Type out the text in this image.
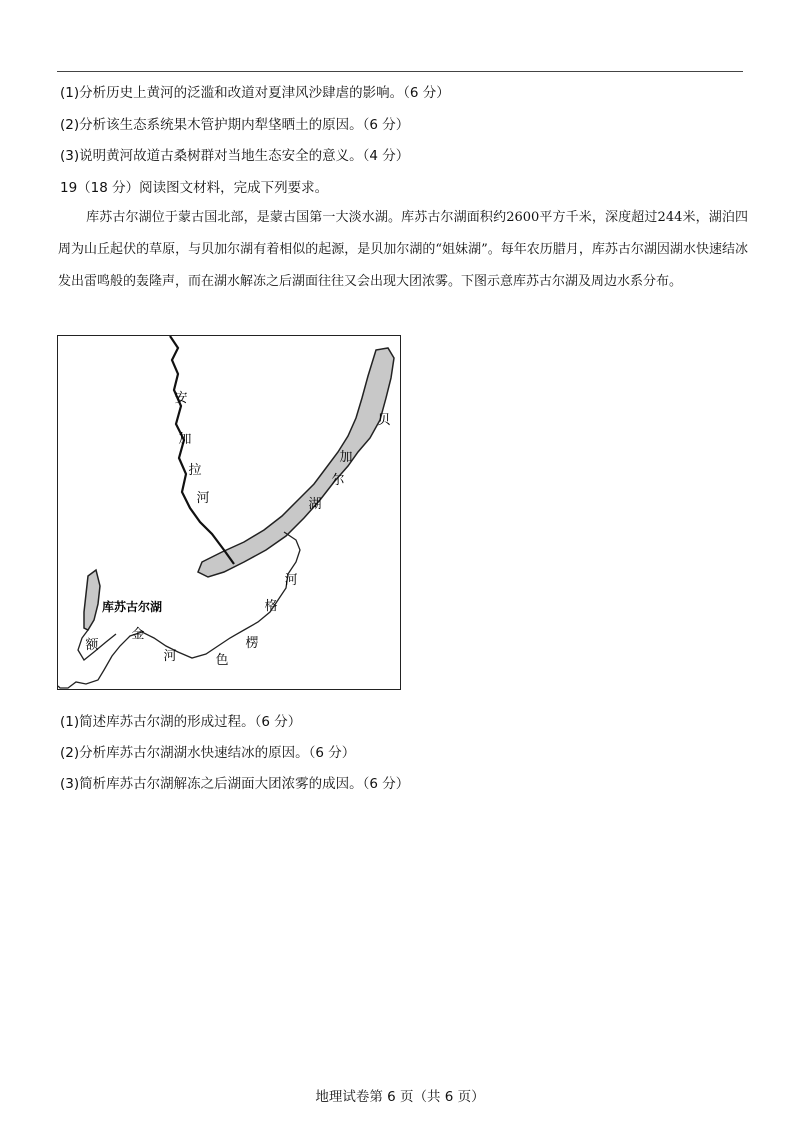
(1)分析历史上黄河的泛滥和改道对夏津风沙肆虐的影响。（6 分）
(2)分析该生态系统果木管护期内犁垡晒土的原因。（6 分）
(3)说明黄河故道古桑树群对当地生态安全的意义。（4 分）
19（18 分）阅读图文材料，完成下列要求。
库苏古尔湖位于蒙古国北部，是蒙古国第一大淡水湖。库苏古尔湖面积约2600平方千米，深度超过244米，湖泊四周为山丘起伏的草原，与贝加尔湖有着相似的起源，是贝加尔湖的“姐妹湖”。每年农历腊月，库苏古尔湖因湖水快速结冰发出雷鸣般的轰隆声，而在湖水解冻之后湖面往往又会出现大团浓雾。下图示意库苏古尔湖及周边水系分布。
安
加
拉
河
贝
加
尔
湖
河
格
楞
色
额
金
河
库苏古尔湖
(1)简述库苏古尔湖的形成过程。（6 分）
(2)分析库苏古尔湖湖水快速结冰的原因。（6 分）
(3)简析库苏古尔湖解冻之后湖面大团浓雾的成因。（6 分）
地理试卷第 6 页（共 6 页）
